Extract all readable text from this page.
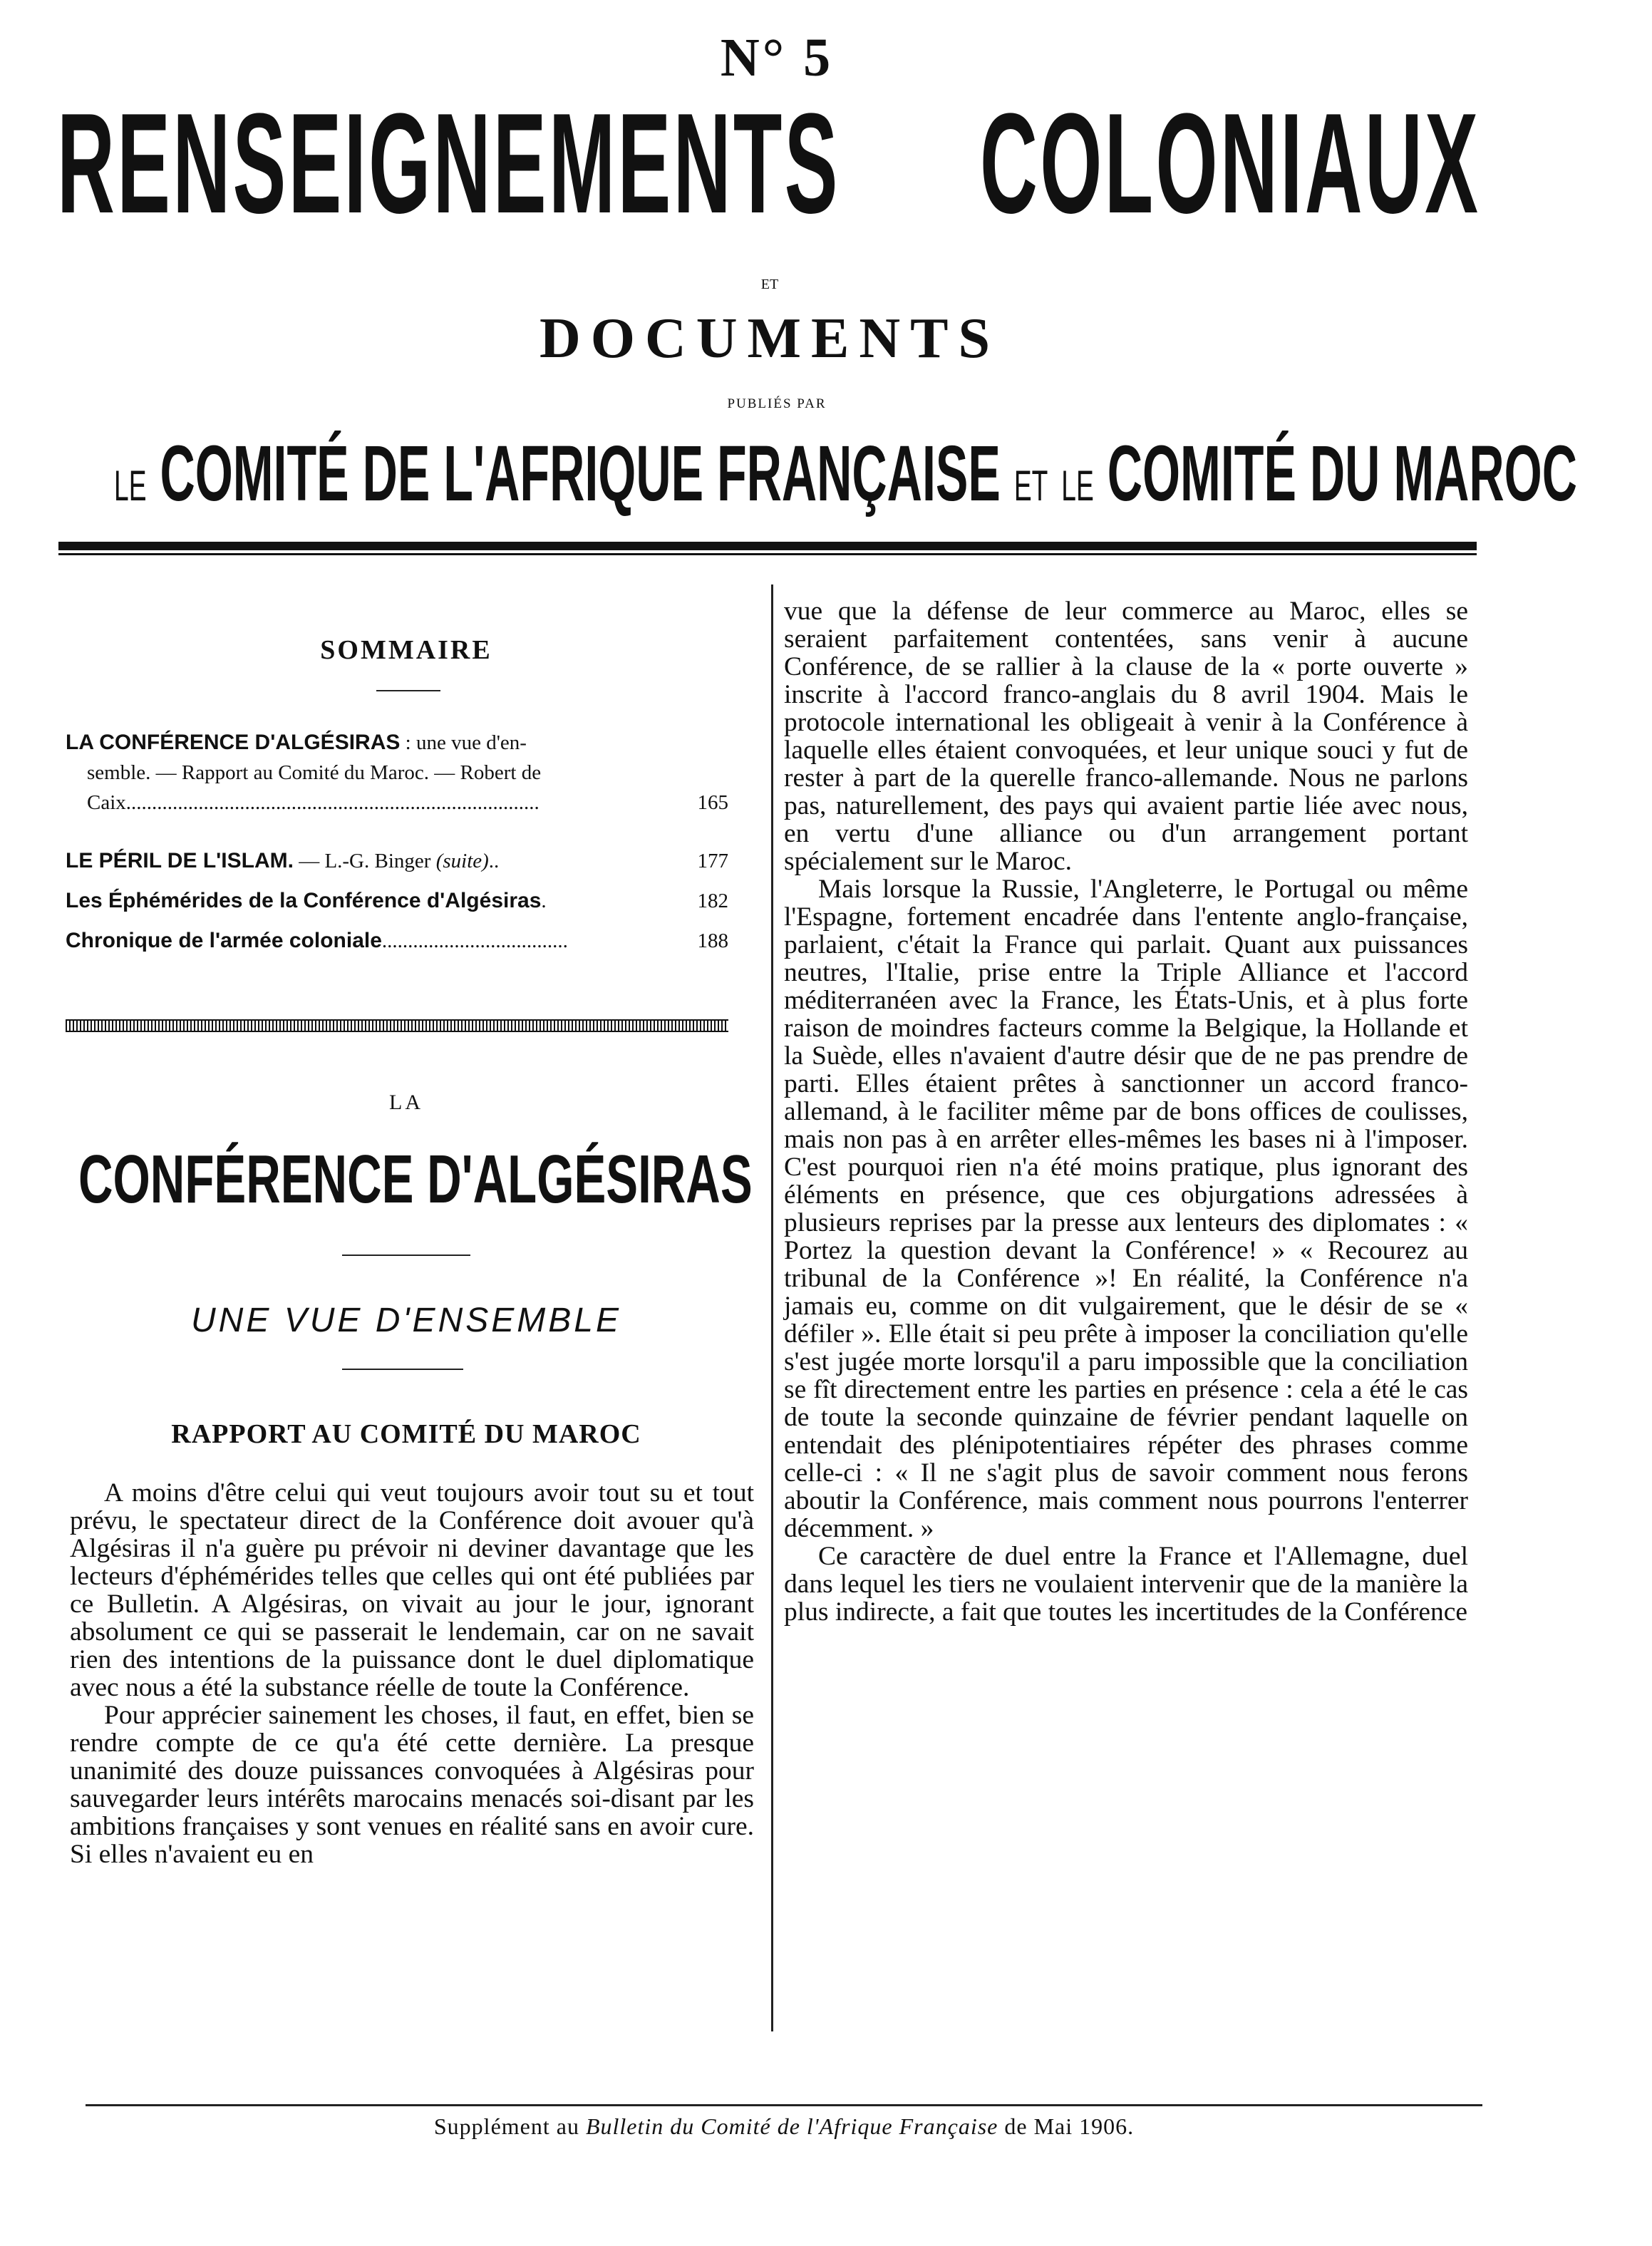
N° 5
RENSEIGNEMENTS COLONIAUX
ET
DOCUMENTS
PUBLIÉS PAR
LE COMITÉ DE L'AFRIQUE FRANÇAISE ET LE COMITÉ DU MAROC
SOMMAIRE
LA CONFÉRENCE D'ALGÉSIRAS : une vue d'en-
semble. — Rapport au Comité du Maroc. — Robert de
Caix................................................................................	165
LE PÉRIL DE L'ISLAM. — L.-G. Binger (suite)..	177
Les Éphémérides de la Conférence d'Algésiras.	182
Chronique de l'armée coloniale....................................	188
LA
CONFÉRENCE D'ALGÉSIRAS
UNE VUE D'ENSEMBLE
RAPPORT AU COMITÉ DU MAROC

A moins d'être celui qui veut toujours avoir tout su et tout prévu, le spectateur direct de la Conférence doit avouer qu'à Algésiras il n'a guère pu prévoir ni deviner davantage que les lecteurs d'éphémérides telles que celles qui ont été publiées par ce Bulletin. A Algésiras, on vivait au jour le jour, ignorant absolument ce qui se passerait le lendemain, car on ne savait rien des intentions de la puissance dont le duel diplomatique avec nous a été la substance réelle de toute la Conférence.

Pour apprécier sainement les choses, il faut, en effet, bien se rendre compte de ce qu'a été cette dernière. La presque unanimité des douze puissances convoquées à Algésiras pour sauvegarder leurs intérêts marocains menacés soi-disant par les ambitions françaises y sont venues en réalité sans en avoir cure. Si elles n'avaient eu en

vue que la défense de leur commerce au Maroc, elles se seraient parfaitement contentées, sans venir à aucune Conférence, de se rallier à la clause de la « porte ouverte » inscrite à l'accord franco-anglais du 8 avril 1904. Mais le protocole international les obligeait à venir à la Conférence à laquelle elles étaient convoquées, et leur unique souci y fut de rester à part de la querelle franco-allemande. Nous ne parlons pas, naturellement, des pays qui avaient partie liée avec nous, en vertu d'une alliance ou d'un arrangement portant spécialement sur le Maroc.

Mais lorsque la Russie, l'Angleterre, le Portugal ou même l'Espagne, fortement encadrée dans l'entente anglo-française, parlaient, c'était la France qui parlait. Quant aux puissances neutres, l'Italie, prise entre la Triple Alliance et l'accord méditerranéen avec la France, les États-Unis, et à plus forte raison de moindres facteurs comme la Belgique, la Hollande et la Suède, elles n'avaient d'autre désir que de ne pas prendre de parti. Elles étaient prêtes à sanctionner un accord franco-allemand, à le faciliter même par de bons offices de coulisses, mais non pas à en arrêter elles-mêmes les bases ni à l'imposer. C'est pourquoi rien n'a été moins pratique, plus ignorant des éléments en présence, que ces objurgations adressées à plusieurs reprises par la presse aux lenteurs des diplomates : « Portez la question devant la Conférence! » « Recourez au tribunal de la Conférence »! En réalité, la Conférence n'a jamais eu, comme on dit vulgairement, que le désir de se « défiler ». Elle était si peu prête à imposer la conciliation qu'elle s'est jugée morte lorsqu'il a paru impossible que la conciliation se fît directement entre les parties en présence : cela a été le cas de toute la seconde quinzaine de février pendant laquelle on entendait des plénipotentiaires répéter des phrases comme celle-ci : « Il ne s'agit plus de savoir comment nous ferons aboutir la Conférence, mais comment nous pourrons l'enterrer décemment. »

Ce caractère de duel entre la France et l'Allemagne, duel dans lequel les tiers ne voulaient intervenir que de la manière la plus indirecte, a fait que toutes les incertitudes de la Conférence

Supplément au Bulletin du Comité de l'Afrique Française de Mai 1906.
